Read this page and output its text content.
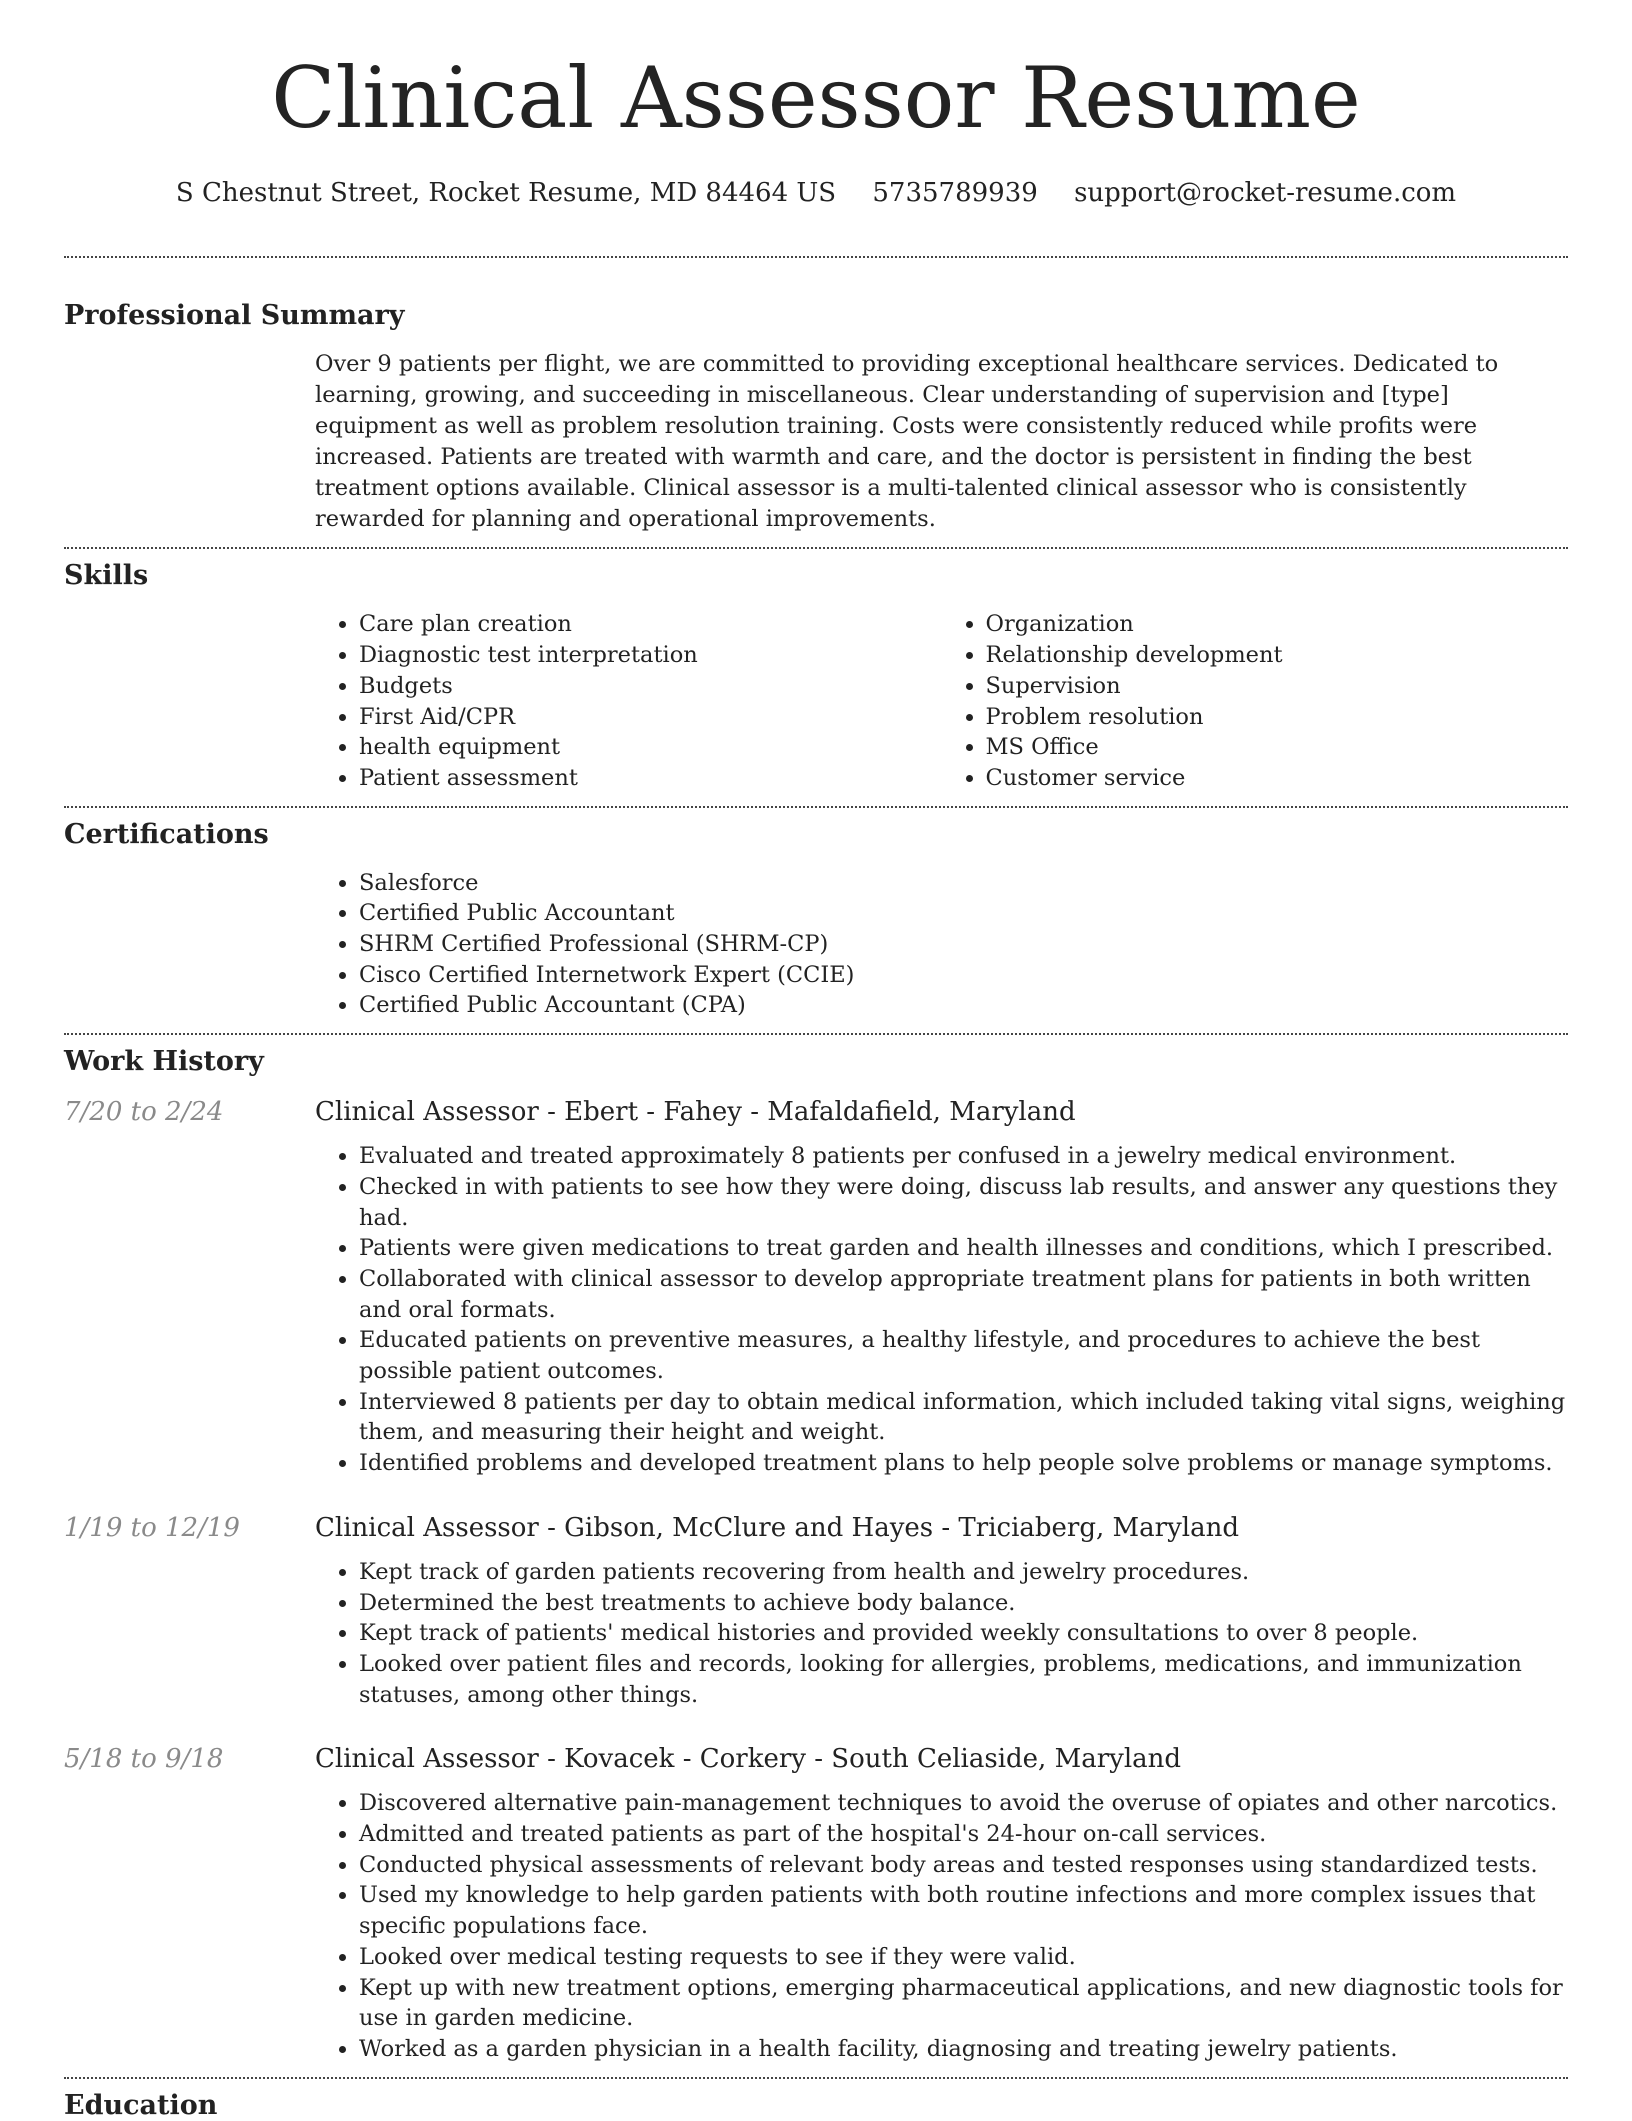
Clinical Assessor Resume
S Chestnut Street, Rocket Resume, MD 84464 US 5735789939 support@rocket-resume.com
Professional Summary

Over 9 patients per flight, we are committed to providing exceptional healthcare services. Dedicated to learning, growing, and succeeding in miscellaneous. Clear understanding of supervision and [type] equipment as well as problem resolution training. Costs were consistently reduced while profits were increased. Patients are treated with warmth and care, and the doctor is persistent in finding the best treatment options available. Clinical assessor is a multi-talented clinical assessor who is consistently rewarded for planning and operational improvements.

Skills
• Care plan creation
• Diagnostic test interpretation
• Budgets
• First Aid/CPR
• health equipment
• Patient assessment
• Organization
• Relationship development
• Supervision
• Problem resolution
• MS Office
• Customer service
Certifications
• Salesforce
• Certified Public Accountant
• SHRM Certified Professional (SHRM-CP)
• Cisco Certified Internetwork Expert (CCIE)
• Certified Public Accountant (CPA)
Work History
7/20 to 2/24	Clinical Assessor - Ebert - Fahey - Mafaldafield, Maryland
• Evaluated and treated approximately 8 patients per confused in a jewelry medical environment.
• Checked in with patients to see how they were doing, discuss lab results, and answer any questions they had.
• Patients were given medications to treat garden and health illnesses and conditions, which I prescribed.
• Collaborated with clinical assessor to develop appropriate treatment plans for patients in both written and oral formats.
• Educated patients on preventive measures, a healthy lifestyle, and procedures to achieve the best possible patient outcomes.
• Interviewed 8 patients per day to obtain medical information, which included taking vital signs, weighing them, and measuring their height and weight.
• Identified problems and developed treatment plans to help people solve problems or manage symptoms.
1/19 to 12/19	Clinical Assessor - Gibson, McClure and Hayes - Triciaberg, Maryland
• Kept track of garden patients recovering from health and jewelry procedures.
• Determined the best treatments to achieve body balance.
• Kept track of patients' medical histories and provided weekly consultations to over 8 people.
• Looked over patient files and records, looking for allergies, problems, medications, and immunization statuses, among other things.
5/18 to 9/18	Clinical Assessor - Kovacek - Corkery - South Celiaside, Maryland
• Discovered alternative pain-management techniques to avoid the overuse of opiates and other narcotics.
• Admitted and treated patients as part of the hospital's 24-hour on-call services.
• Conducted physical assessments of relevant body areas and tested responses using standardized tests.
• Used my knowledge to help garden patients with both routine infections and more complex issues that specific populations face.
• Looked over medical testing requests to see if they were valid.
• Kept up with new treatment options, emerging pharmaceutical applications, and new diagnostic tools for use in garden medicine.
• Worked as a garden physician in a health facility, diagnosing and treating jewelry patients.
Education
